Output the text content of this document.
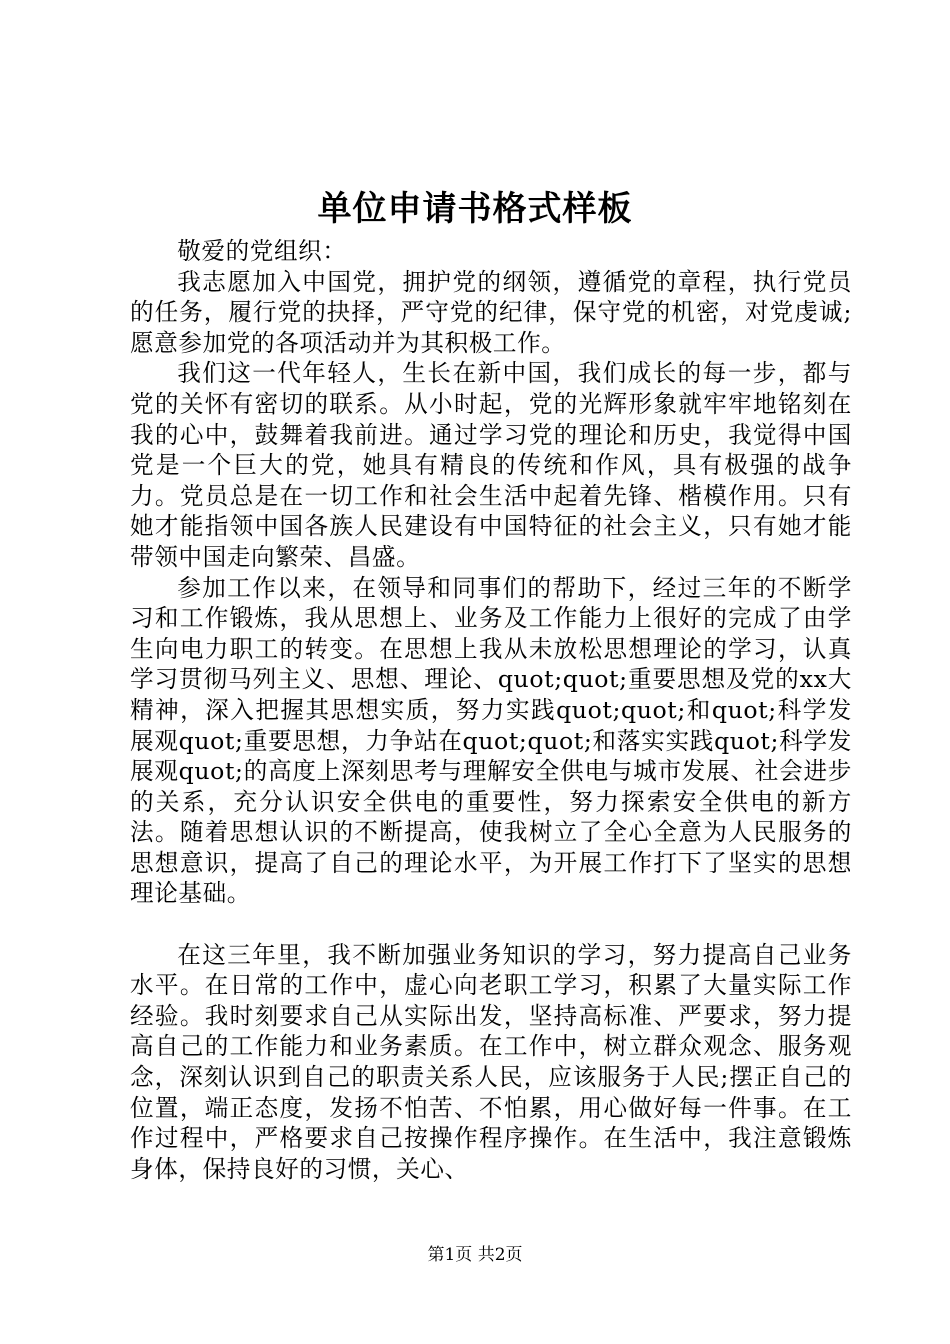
单位申请书格式样板

敬爱的党组织：

我志愿加入中国党，拥护党的纲领，遵循党的章程，执行党员的任务，履行党的抉择，严守党的纪律，保守党的机密，对党虔诚;愿意参加党的各项活动并为其积极工作。

我们这一代年轻人，生长在新中国，我们成长的每一步，都与党的关怀有密切的联系。从小时起，党的光辉形象就牢牢地铭刻在我的心中，鼓舞着我前进。通过学习党的理论和历史，我觉得中国党是一个巨大的党，她具有精良的传统和作风，具有极强的战争力。党员总是在一切工作和社会生活中起着先锋、楷模作用。只有她才能指领中国各族人民建设有中国特征的社会主义，只有她才能带领中国走向繁荣、昌盛。

参加工作以来，在领导和同事们的帮助下，经过三年的不断学习和工作锻炼，我从思想上、业务及工作能力上很好的完成了由学生向电力职工的转变。在思想上我从未放松思想理论的学习，认真学习贯彻马列主义、思想、理论、quot;quot;重要思想及党的xx大精神，深入把握其思想实质，努力实践quot;quot;和quot;科学发展观quot;重要思想，力争站在quot;quot;和落实实践quot;科学发展观quot;的高度上深刻思考与理解安全供电与城市发展、社会进步的关系，充分认识安全供电的重要性，努力探索安全供电的新方法。随着思想认识的不断提高，使我树立了全心全意为人民服务的思想意识，提高了自己的理论水平，为开展工作打下了坚实的思想理论基础。

在这三年里，我不断加强业务知识的学习，努力提高自己业务水平。在日常的工作中，虚心向老职工学习，积累了大量实际工作经验。我时刻要求自己从实际出发，坚持高标准、严要求，努力提高自己的工作能力和业务素质。在工作中，树立群众观念、服务观念，深刻认识到自己的职责关系人民，应该服务于人民;摆正自己的位置，端正态度，发扬不怕苦、不怕累，用心做好每一件事。在工作过程中，严格要求自己按操作程序操作。在生活中，我注意锻炼身体，保持良好的习惯，关心、

第1页 共2页
